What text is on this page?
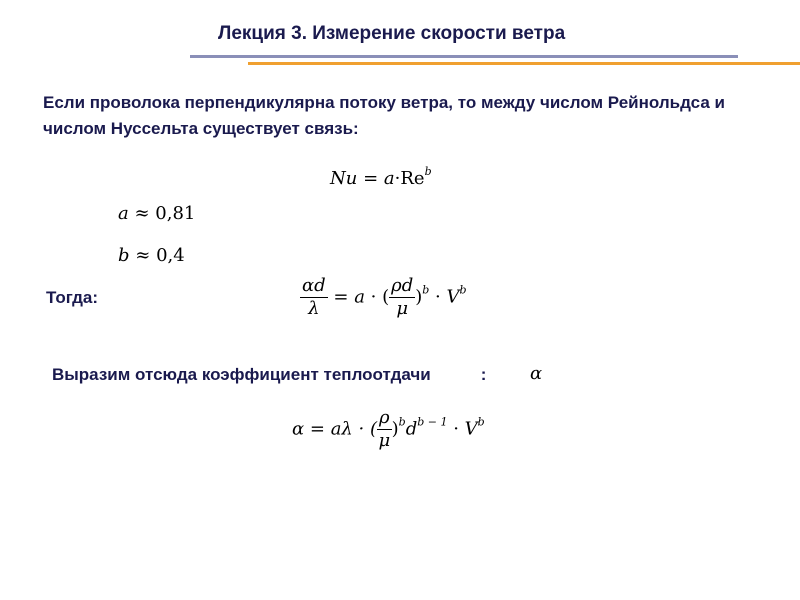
Лекция 3. Измерение скорости ветра
Если проволока перпендикулярна потоку ветра, то между числом Рейнольдса и числом Нуссельта существует связь:
$Nu = a\cdot Re^b$
a ≈ 0,81
b ≈ 0,4
Тогда:	$\frac{\alpha d}{\lambda} = a$ · ( $\frac{\rho d}{\mu} )^b \cdot V^b$
Выразим отсюда коэффициент теплоотдачи	: α
α = aλ · ( $\frac{\rho}{\mu} )^bd^{b - 1} \cdot V^b$
